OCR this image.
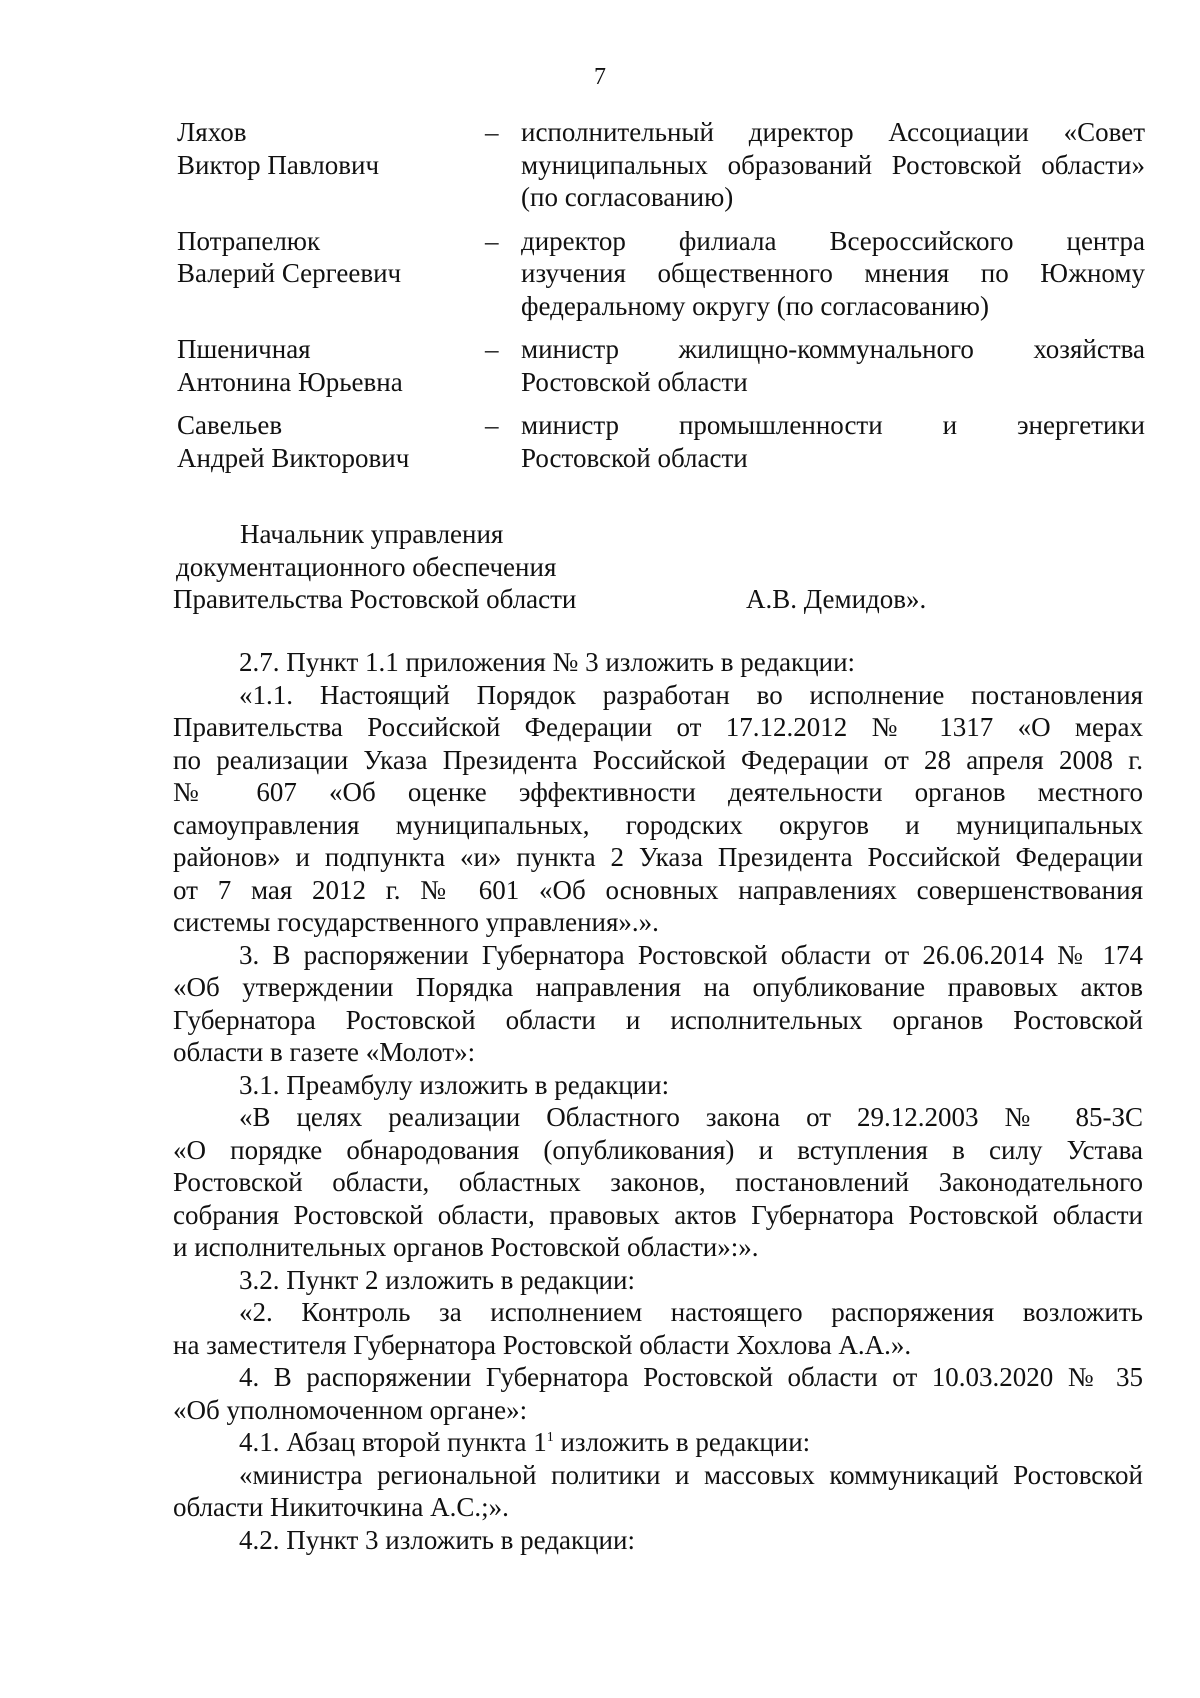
7
Ляхов
Виктор Павлович
– исполнительный директор Ассоциации «Совет
муниципальных образований Ростовской области»
(по согласованию)
Потрапелюк
Валерий Сергеевич
– директор филиала Всероссийского центра
изучения общественного мнения по Южному
федеральному округу (по согласованию)
Пшеничная
Антонина Юрьевна
– министр жилищно-коммунального хозяйства
Ростовской области
Савельев
Андрей Викторович
– министр промышленности и энергетики
Ростовской области
Начальник управления
документационного обеспечения
Правительства Ростовской области	А.В. Демидов».
2.7. Пункт 1.1 приложения № 3 изложить в редакции:
«1.1. Настоящий Порядок разработан во исполнение постановления
Правительства Российской Федерации от 17.12.2012 № 1317 «О мерах
по реализации Указа Президента Российской Федерации от 28 апреля 2008 г.
№ 607 «Об оценке эффективности деятельности органов местного
самоуправления муниципальных, городских округов и муниципальных
районов» и подпункта «и» пункта 2 Указа Президента Российской Федерации
от 7 мая 2012 г. № 601 «Об основных направлениях совершенствования
системы государственного управления».».
3. В распоряжении Губернатора Ростовской области от 26.06.2014 № 174
«Об утверждении Порядка направления на опубликование правовых актов
Губернатора Ростовской области и исполнительных органов Ростовской
области в газете «Молот»:
3.1. Преамбулу изложить в редакции:
«В целях реализации Областного закона от 29.12.2003 № 85-ЗС
«О порядке обнародования (опубликования) и вступления в силу Устава
Ростовской области, областных законов, постановлений Законодательного
собрания Ростовской области, правовых актов Губернатора Ростовской области
и исполнительных органов Ростовской области»:».
3.2. Пункт 2 изложить в редакции:
«2. Контроль за исполнением настоящего распоряжения возложить
на заместителя Губернатора Ростовской области Хохлова А.А.».
4. В распоряжении Губернатора Ростовской области от 10.03.2020 № 35
«Об уполномоченном органе»:
4.1. Абзац второй пункта $1^1$ изложить в редакции:
«министра региональной политики и массовых коммуникаций Ростовской
области Никиточкина А.С.;».
4.2. Пункт 3 изложить в редакции:
